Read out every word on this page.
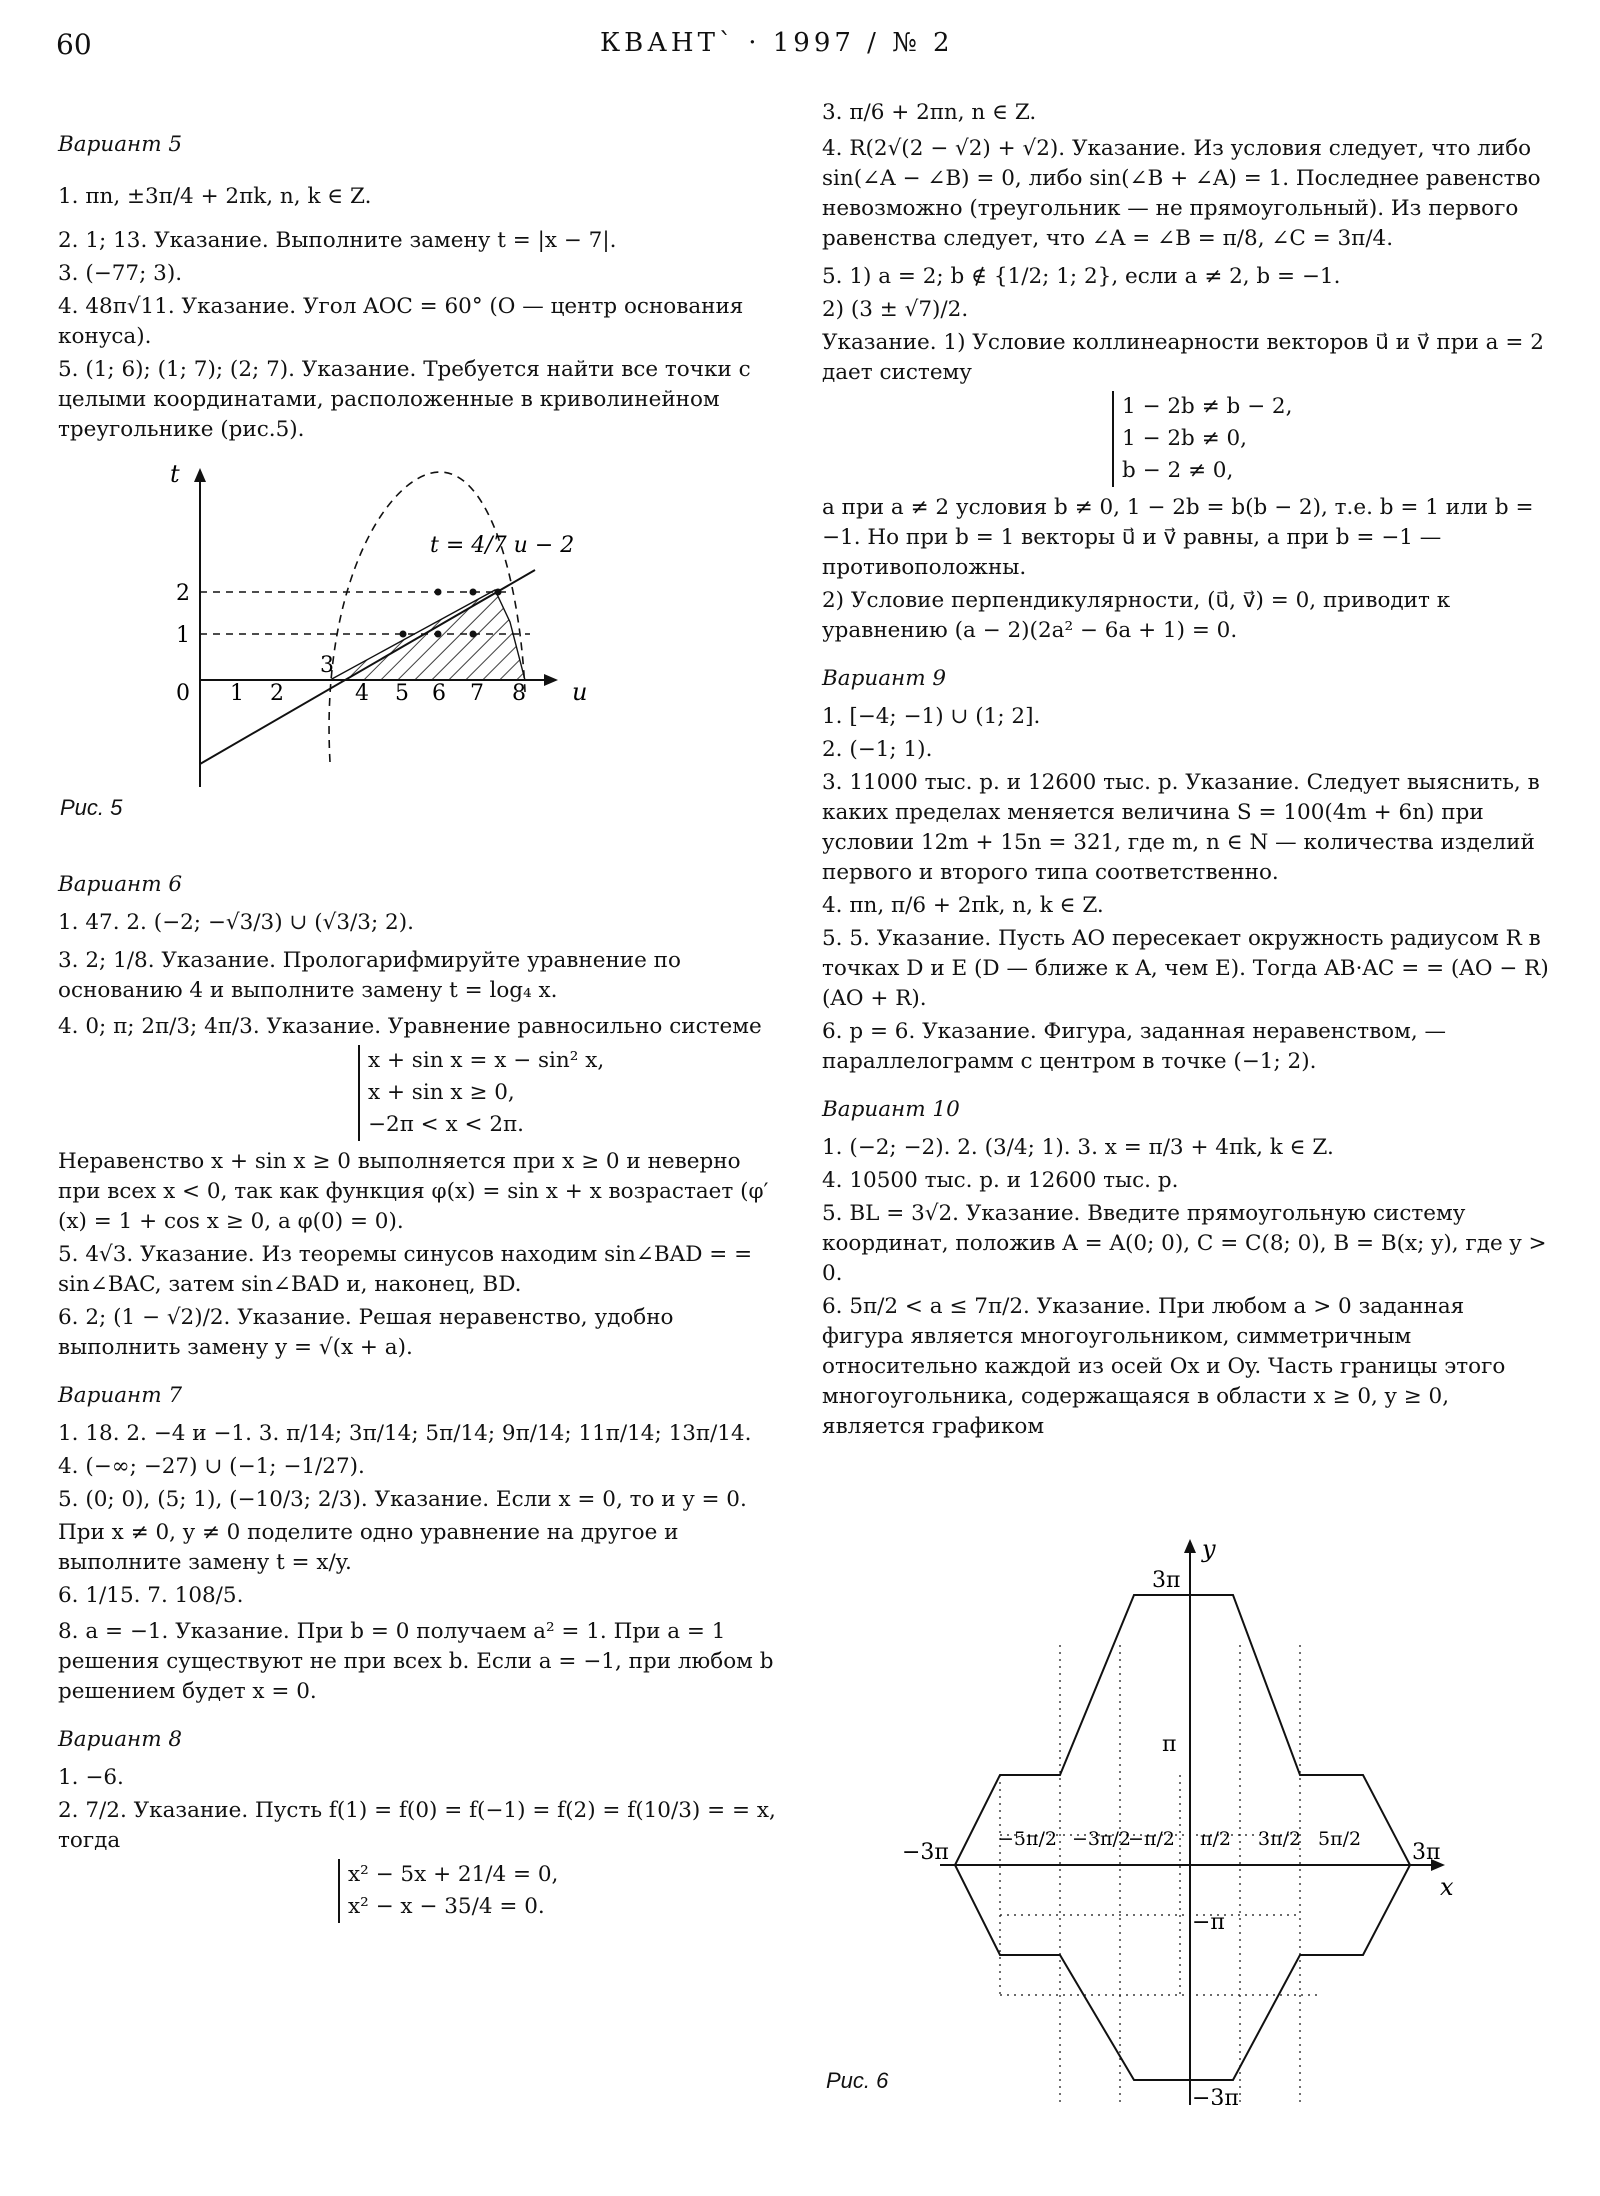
60	КВАНТ` · 1997 / № 2

Вариант 5

1. πn, ±3π/4 + 2πk, n, k ∈ Z.

2. 1; 13. Указание. Выполните замену t = |x − 7|.

3. (−77; 3).

4. 48π√11. Указание. Угол AOC = 60° (O — центр основания конуса).

5. (1; 6); (1; 7); (2; 7). Указание. Требуется найти все точки с целыми координатами, расположенные в криволинейном треугольнике (рис.5).

t
u
2
1
0 1 2
3
4 5 6 7 8
t = 4/7 u − 2
Рис. 5

Вариант 6

1. 47. 2. (−2; −√3/3) ∪ (√3/3; 2).

3. 2; 1/8. Указание. Прологарифмируйте уравнение по основанию 4 и выполните замену t = log₄ x.

4. 0; π; 2π/3; 4π/3. Указание. Уравнение равносильно системе

x + sin x = x − sin² x,
x + sin x ≥ 0,
−2π < x < 2π.

Неравенство x + sin x ≥ 0 выполняется при x ≥ 0 и неверно при всех x < 0, так как функция φ(x) = sin x + x возрастает (φ′(x) = 1 + cos x ≥ 0, а φ(0) = 0).

5. 4√3. Указание. Из теоремы синусов находим sin∠BAD = = sin∠BAC, затем sin∠BAD и, наконец, BD.

6. 2; (1 − √2)/2. Указание. Решая неравенство, удобно выполнить замену y = √(x + a).

Вариант 7

1. 18. 2. −4 и −1. 3. π/14; 3π/14; 5π/14; 9π/14; 11π/14; 13π/14.

4. (−∞; −27) ∪ (−1; −1/27).

5. (0; 0), (5; 1), (−10/3; 2/3). Указание. Если x = 0, то и y = 0.

При x ≠ 0, y ≠ 0 поделите одно уравнение на другое и выполните замену t = x/y.

6. 1/15. 7. 108/5.

8. a = −1. Указание. При b = 0 получаем a² = 1. При a = 1 решения существуют не при всех b. Если a = −1, при любом b решением будет x = 0.

Вариант 8

1. −6.

2. 7/2. Указание. Пусть f(1) = f(0) = f(−1) = f(2) = f(10/3) = = x, тогда

x² − 5x + 21/4 = 0,
x² − x − 35/4 = 0.

3. π/6 + 2πn, n ∈ Z.

4. R(2√(2 − √2) + √2). Указание. Из условия следует, что либо sin(∠A − ∠B) = 0, либо sin(∠B + ∠A) = 1. Последнее равенство невозможно (треугольник — не прямоугольный). Из первого равенства следует, что ∠A = ∠B = π/8, ∠C = 3π/4.

5. 1) a = 2; b ∉ {1/2; 1; 2}, если a ≠ 2, b = −1.

2) (3 ± √7)/2.

Указание. 1) Условие коллинеарности векторов u⃗ и v⃗ при a = 2 дает систему

1 − 2b ≠ b − 2,
1 − 2b ≠ 0,
b − 2 ≠ 0,

а при a ≠ 2 условия b ≠ 0, 1 − 2b = b(b − 2), т.е. b = 1 или b = −1. Но при b = 1 векторы u⃗ и v⃗ равны, а при b = −1 — противоположны.

2) Условие перпендикулярности, (u⃗, v⃗) = 0, приводит к уравнению (a − 2)(2a² − 6a + 1) = 0.

Вариант 9

1. [−4; −1) ∪ (1; 2].

2. (−1; 1).

3. 11000 тыс. р. и 12600 тыс. р. Указание. Следует выяснить, в каких пределах меняется величина S = 100(4m + 6n) при условии 12m + 15n = 321, где m, n ∈ N — количества изделий первого и второго типа соответственно.

4. πn, π/6 + 2πk, n, k ∈ Z.

5. 5. Указание. Пусть AO пересекает окружность радиусом R в точках D и E (D — ближе к A, чем E). Тогда AB·AC = = (AO − R)(AO + R).

6. p = 6. Указание. Фигура, заданная неравенством, — параллелограмм с центром в точке (−1; 2).

Вариант 10

1. (−2; −2). 2. (3/4; 1). 3. x = π/3 + 4πk, k ∈ Z.

4. 10500 тыс. р. и 12600 тыс. р.

5. BL = 3√2. Указание. Введите прямоугольную систему координат, положив A = A(0; 0), C = C(8; 0), B = B(x; y), где y > 0.

6. 5π/2 < a ≤ 7π/2. Указание. При любом a > 0 заданная фигура является многоугольником, симметричным относительно каждой из осей Ox и Oy. Часть границы этого многоугольника, содержащаяся в области x ≥ 0, y ≥ 0, является графиком

y
x
3π
π
−π
−3π
−3π	3π
−5π/2 −3π/2
−π/2 π/2 3π/2 5π/2
Рис. 6
